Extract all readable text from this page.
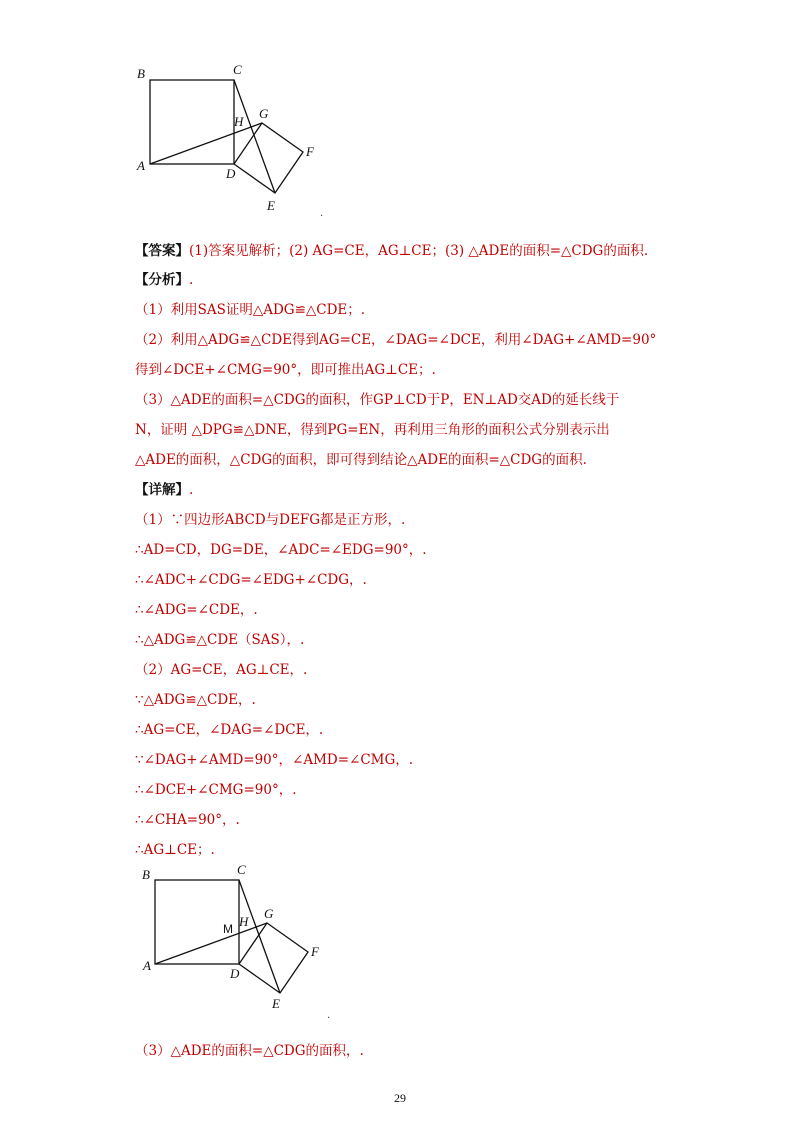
B	C
H
G
F
A
D
E
.
【答案】(1)答案见解析；(2) AG=CE，AG⊥CE；(3) △ADE的面积=△CDG的面积.
【分析】.
（1）利用SAS证明△ADG≌△CDE；.
（2）利用△ADG≌△CDE得到AG=CE，∠DAG=∠DCE，利用∠DAG+∠AMD=90°
得到∠DCE+∠CMG=90°，即可推出AG⊥CE；.
（3）△ADE的面积=△CDG的面积，作GP⊥CD于P，EN⊥AD交AD的延长线于
N，证明 △DPG≌△DNE，得到PG=EN，再利用三角形的面积公式分别表示出
△ADE的面积，△CDG的面积，即可得到结论△ADE的面积=△CDG的面积.
【详解】.
（1）∵四边形ABCD与DEFG都是正方形，.
∴AD=CD，DG=DE，∠ADC=∠EDG=90°，.
∴∠ADC+∠CDG=∠EDG+∠CDG，.
∴∠ADG=∠CDE，.
∴△ADG≌△CDE（SAS），.
（2）AG=CE，AG⊥CE，.
∵△ADG≌△CDE，.
∴AG=CE，∠DAG=∠DCE，.
∵∠DAG+∠AMD=90°，∠AMD=∠CMG，.
∴∠DCE+∠CMG=90°，.
∴∠CHA=90°，.
∴AG⊥CE；.
B	C
M H
G
F
A
D
E
.
（3）△ADE的面积=△CDG的面积，.
29
